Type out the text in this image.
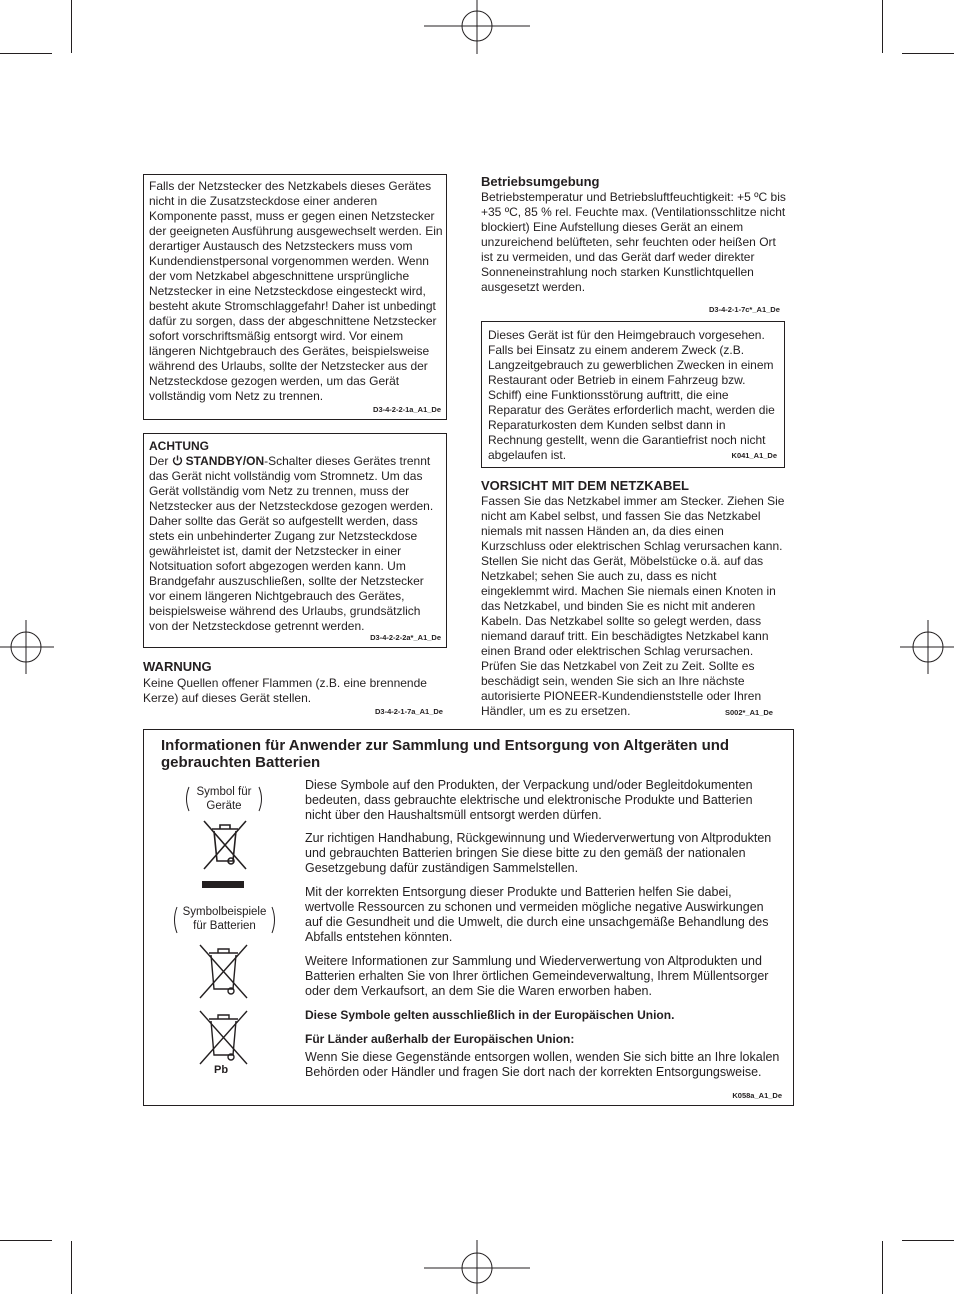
Falls der Netzstecker des Netzkabels dieses Gerätes nicht in die Zusatzsteckdose einer anderen Komponente passt, muss er gegen einen Netzstecker der geeigneten Ausführung ausgewechselt werden. Ein derartiger Austausch des Netzsteckers muss vom Kundendienstpersonal vorgenommen werden. Wenn der vom Netzkabel abgeschnittene ursprüngliche Netzstecker in eine Netzsteckdose eingesteckt wird, besteht akute Stromschlaggefahr! Daher ist unbedingt dafür zu sorgen, dass der abgeschnittene Netzstecker sofort vorschriftsmäßig entsorgt wird. Vor einem längeren Nichtgebrauch des Gerätes, beispielsweise während des Urlaubs, sollte der Netzstecker aus der Netzsteckdose gezogen werden, um das Gerät vollständig vom Netz zu trennen.
D3-4-2-2-1a_A1_De
ACHTUNG
Der STANDBY/ON-Schalter dieses Gerätes trennt das Gerät nicht vollständig vom Stromnetz. Um das Gerät vollständig vom Netz zu trennen, muss der Netzstecker aus der Netzsteckdose gezogen werden. Daher sollte das Gerät so aufgestellt werden, dass stets ein unbehinderter Zugang zur Netzsteckdose gewährleistet ist, damit der Netzstecker in einer Notsituation sofort abgezogen werden kann. Um Brandgefahr auszuschließen, sollte der Netzstecker vor einem längeren Nichtgebrauch des Gerätes, beispielsweise während des Urlaubs, grundsätzlich von der Netzsteckdose getrennt werden.
D3-4-2-2-2a*_A1_De
WARNUNG
Keine Quellen offener Flammen (z.B. eine brennende Kerze) auf dieses Gerät stellen.
D3-4-2-1-7a_A1_De
Betriebsumgebung
Betriebstemperatur und Betriebsluftfeuchtigkeit: +5 ºC bis +35 ºC, 85 % rel. Feuchte max. (Ventilationsschlitze nicht blockiert) Eine Aufstellung dieses Gerät an einem unzureichend belüfteten, sehr feuchten oder heißen Ort ist zu vermeiden, und das Gerät darf weder direkter Sonneneinstrahlung noch starken Kunstlichtquellen ausgesetzt werden.
D3-4-2-1-7c*_A1_De
Dieses Gerät ist für den Heimgebrauch vorgesehen. Falls bei Einsatz zu einem anderem Zweck (z.B. Langzeitgebrauch zu gewerblichen Zwecken in einem Restaurant oder Betrieb in einem Fahrzeug bzw. Schiff) eine Funktionsstörung auftritt, die eine Reparatur des Gerätes erforderlich macht, werden die Reparaturkosten dem Kunden selbst dann in Rechnung gestellt, wenn die Garantiefrist noch nicht abgelaufen ist.	K041_A1_De
VORSICHT MIT DEM NETZKABEL
Fassen Sie das Netzkabel immer am Stecker. Ziehen Sie nicht am Kabel selbst, und fassen Sie das Netzkabel niemals mit nassen Händen an, da dies einen Kurzschluss oder elektrischen Schlag verursachen kann. Stellen Sie nicht das Gerät, Möbelstücke o.ä. auf das Netzkabel; sehen Sie auch zu, dass es nicht eingeklemmt wird. Machen Sie niemals einen Knoten in das Netzkabel, und binden Sie es nicht mit anderen Kabeln. Das Netzkabel sollte so gelegt werden, dass niemand darauf tritt. Ein beschädigtes Netzkabel kann einen Brand oder elektrischen Schlag verursachen. Prüfen Sie das Netzkabel von Zeit zu Zeit. Sollte es beschädigt sein, wenden Sie sich an Ihre nächste autorisierte PIONEER-Kundendienststelle oder Ihren Händler, um es zu ersetzen.	S002*_A1_De
Informationen für Anwender zur Sammlung und Entsorgung von Altgeräten und gebrauchten Batterien
Symbol für Geräte
Symbolbeispiele für Batterien
Pb

Diese Symbole auf den Produkten, der Verpackung und/oder Begleitdokumenten bedeuten, dass gebrauchte elektrische und elektronische Produkte und Batterien nicht über den Haushaltsmüll entsorgt werden dürfen.

Zur richtigen Handhabung, Rückgewinnung und Wiederverwertung von Altprodukten und gebrauchten Batterien bringen Sie diese bitte zu den gemäß der nationalen Gesetzgebung dafür zuständigen Sammelstellen.

Mit der korrekten Entsorgung dieser Produkte und Batterien helfen Sie dabei, wertvolle Ressourcen zu schonen und vermeiden mögliche negative Auswirkungen auf die Gesundheit und die Umwelt, die durch eine unsachgemäße Behandlung des Abfalls entstehen könnten.

Weitere Informationen zur Sammlung und Wiederverwertung von Altprodukten und Batterien erhalten Sie von Ihrer örtlichen Gemeindeverwaltung, Ihrem Müllentsorger oder dem Verkaufsort, an dem Sie die Waren erworben haben.

Diese Symbole gelten ausschließlich in der Europäischen Union.

Für Länder außerhalb der Europäischen Union:

Wenn Sie diese Gegenstände entsorgen wollen, wenden Sie sich bitte an Ihre lokalen Behörden oder Händler und fragen Sie dort nach der korrekten Entsorgungsweise.

K058a_A1_De
